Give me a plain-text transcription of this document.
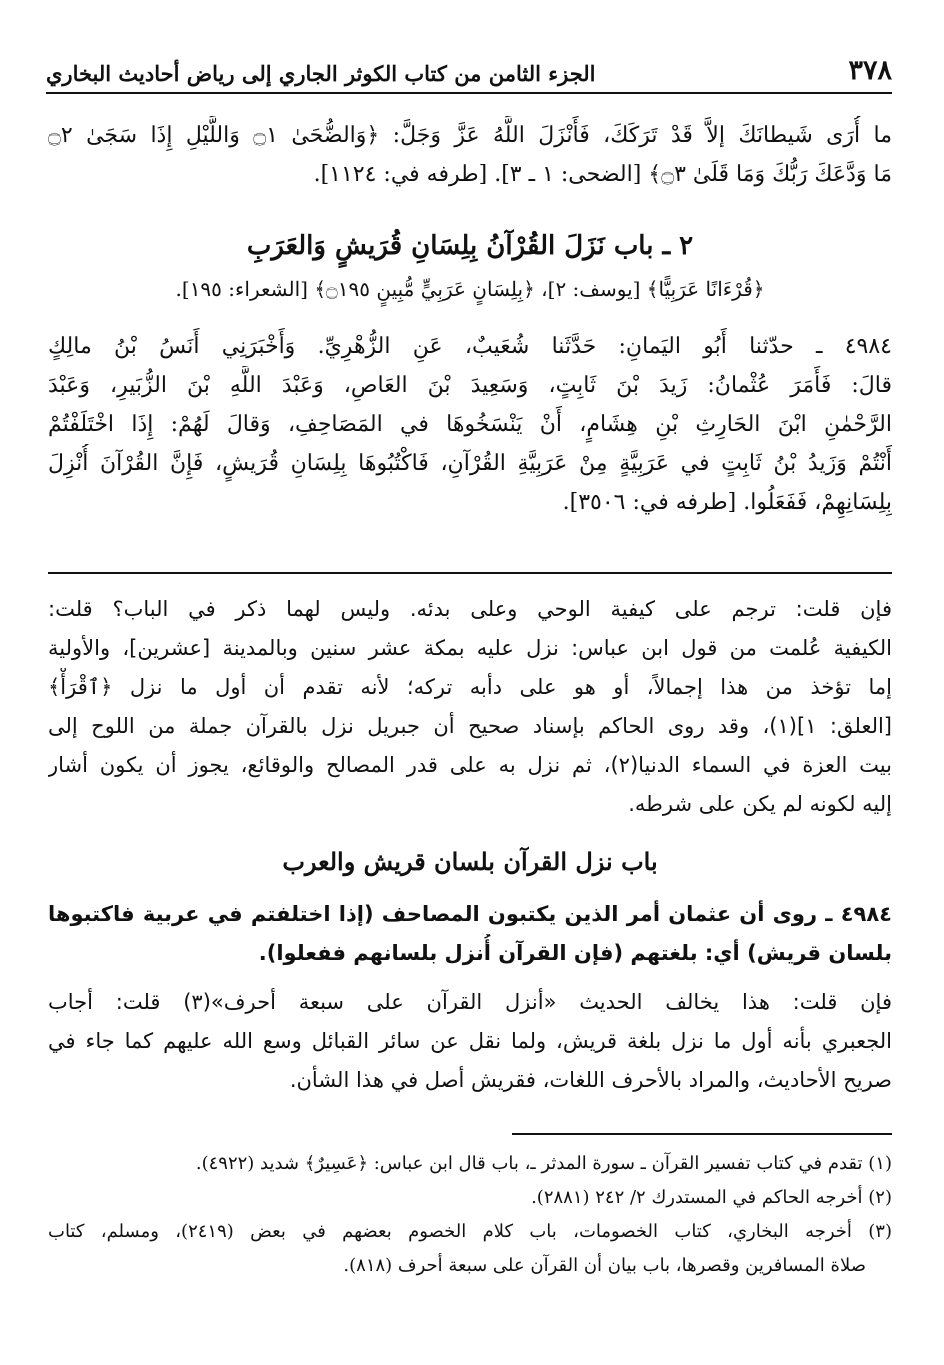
٣٧٨
الجزء الثامن من كتاب الكوثر الجاري إلى رياض أحاديث البخاري
ما أُرَى شَيطانَكَ إلاَّ قَدْ تَرَكَكَ، فَأَنْزَلَ اللَّهُ عَزَّ وَجَلَّ: ﴿وَالضُّحَىٰ ۝١ وَاللَّيْلِ إِذَا سَجَىٰ ۝٢
مَا وَدَّعَكَ رَبُّكَ وَمَا قَلَىٰ ۝٣﴾ [الضحى: ١ ـ ٣]. [طرفه في: ١١٢٤].
٢ ـ باب نَزَلَ القُرْآنُ بِلِسَانِ قُرَيشٍ وَالعَرَبِ
﴿قُرْءَانًا عَرَبِيًّا﴾ [يوسف: ٢]، ﴿بِلِسَانٍ عَرَبِيٍّ مُّبِينٍ ۝١٩٥﴾ [الشعراء: ١٩٥].
٤٩٨٤ ـ حدّثنا أَبُو اليَمانِ: حَدَّثَنا شُعَيبٌ، عَنِ الزُّهْرِيِّ. وَأَخْبَرَنِي أَنَسُ بْنُ مالِكٍ
قالَ: فَأَمَرَ عُثْمانُ: زَيدَ بْنَ ثَابِتٍ، وَسَعِيدَ بْنَ العَاصِ، وَعَبْدَ اللَّهِ بْنَ الزُّبَيرِ، وَعَبْدَ
الرَّحْمٰنِ ابْنَ الحَارِثِ بْنِ هِشَامٍ، أَنْ يَنْسَخُوهَا في المَصَاحِفِ، وَقالَ لَهُمْ: إِذَا اخْتَلَفْتُمْ
أَنْتُمْ وَزَيدُ بْنُ ثَابِتٍ في عَرَبِيَّةٍ مِنْ عَرَبِيَّةِ القُرْآنِ، فَاكْتُبُوهَا بِلِسَانِ قُرَيشٍ، فَإِنَّ القُرْآنَ أُنْزِلَ
بِلِسَانِهِمْ، فَفَعَلُوا. [طرفه في: ٣٥٠٦].
فإن قلت: ترجم على كيفية الوحي وعلى بدئه. وليس لهما ذكر في الباب؟ قلت:
الكيفية عُلمت من قول ابن عباس: نزل عليه بمكة عشر سنين وبالمدينة [عشرين]، والأولية
إما تؤخذ من هذا إجمالاً، أو هو على دأبه تركه؛ لأنه تقدم أن أول ما نزل ﴿ٱقْرَأْ﴾
[العلق: ١](١)، وقد روى الحاكم بإسناد صحيح أن جبريل نزل بالقرآن جملة من اللوح إلى
بيت العزة في السماء الدنيا(٢)، ثم نزل به على قدر المصالح والوقائع، يجوز أن يكون أشار
إليه لكونه لم يكن على شرطه.
باب نزل القرآن بلسان قريش والعرب
٤٩٨٤ ـ روى أن عثمان أمر الذين يكتبون المصاحف (إذا اختلفتم في عربية فاكتبوها
بلسان قريش) أي: بلغتهم (فإن القرآن أُنزل بلسانهم ففعلوا).
فإن قلت: هذا يخالف الحديث «أنزل القرآن على سبعة أحرف»(٣) قلت: أجاب
الجعبري بأنه أول ما نزل بلغة قريش، ولما نقل عن سائر القبائل وسع الله عليهم كما جاء في
صريح الأحاديث، والمراد بالأحرف اللغات، فقريش أصل في هذا الشأن.
(١) تقدم في كتاب تفسير القرآن ـ سورة المدثر ـ، باب قال ابن عباس: ﴿عَسِيرٌ﴾ شديد (٤٩٢٢).
(٢) أخرجه الحاكم في المستدرك ٢/ ٢٤٢ (٢٨٨١).
(٣) أخرجه البخاري، كتاب الخصومات، باب كلام الخصوم بعضهم في بعض (٢٤١٩)، ومسلم، كتاب
صلاة المسافرين وقصرها، باب بيان أن القرآن على سبعة أحرف (٨١٨).
